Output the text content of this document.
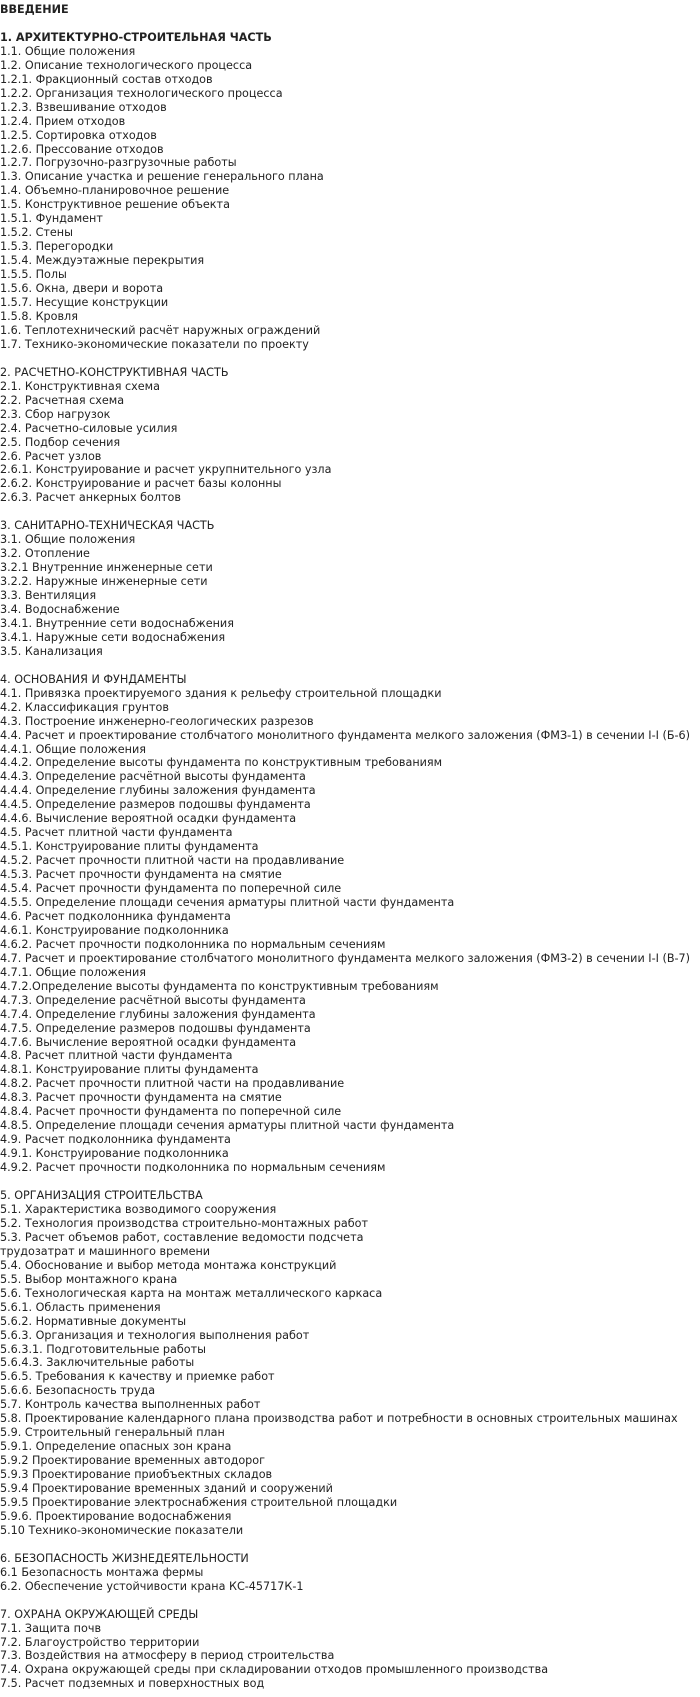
ВВЕДЕНИЕ
1. АРХИТЕКТУРНО-СТРОИТЕЛЬНАЯ ЧАСТЬ
1.1. Общие положения
1.2. Описание технологического процесса
1.2.1. Фракционный состав отходов
1.2.2. Организация технологического процесса
1.2.3. Взвешивание отходов
1.2.4. Прием отходов
1.2.5. Сортировка отходов
1.2.6. Прессование отходов
1.2.7. Погрузочно-разгрузочные работы
1.3. Описание участка и решение генерального плана
1.4. Объемно-планировочное решение
1.5. Конструктивное решение объекта
1.5.1. Фундамент
1.5.2. Стены
1.5.3. Перегородки
1.5.4. Междуэтажные перекрытия
1.5.5. Полы
1.5.6. Окна, двери и ворота
1.5.7. Несущие конструкции
1.5.8. Кровля
1.6. Теплотехнический расчёт наружных ограждений
1.7. Технико-экономические показатели по проекту
2. РАСЧЕТНО-КОНСТРУКТИВНАЯ ЧАСТЬ
2.1. Конструктивная схема
2.2. Расчетная схема
2.3. Сбор нагрузок
2.4. Расчетно-силовые усилия
2.5. Подбор сечения
2.6. Расчет узлов
2.6.1. Конструирование и расчет укрупнительного узла
2.6.2. Конструирование и расчет базы колонны
2.6.3. Расчет анкерных болтов
3. САНИТАРНО-ТЕХНИЧЕСКАЯ ЧАСТЬ
3.1. Общие положения
3.2. Отопление
3.2.1 Внутренние инженерные сети
3.2.2. Наружные инженерные сети
3.3. Вентиляция
3.4. Водоснабжение
3.4.1. Внутренние сети водоснабжения
3.4.1. Наружные сети водоснабжения
3.5. Канализация
4. ОСНОВАНИЯ И ФУНДАМЕНТЫ
4.1. Привязка проектируемого здания к рельефу строительной площадки
4.2. Классификация грунтов
4.3. Построение инженерно-геологических разрезов
4.4. Расчет и проектирование столбчатого монолитного фундамента мелкого заложения (ФМЗ-1) в сечении I-I (Б-6)
4.4.1. Общие положения
4.4.2. Определение высоты фундамента по конструктивным требованиям
4.4.3. Определение расчётной высоты фундамента
4.4.4. Определение глубины заложения фундамента
4.4.5. Определение размеров подошвы фундамента
4.4.6. Вычисление вероятной осадки фундамента
4.5. Расчет плитной части фундамента
4.5.1. Конструирование плиты фундамента
4.5.2. Расчет прочности плитной части на продавливание
4.5.3. Расчет прочности фундамента на смятие
4.5.4. Расчет прочности фундамента по поперечной силе
4.5.5. Определение площади сечения арматуры плитной части фундамента
4.6. Расчет подколонника фундамента
4.6.1. Конструирование подколонника
4.6.2. Расчет прочности подколонника по нормальным сечениям
4.7. Расчет и проектирование столбчатого монолитного фундамента мелкого заложения (ФМЗ-2) в сечении I-I (В-7)
4.7.1. Общие положения
4.7.2.Определение высоты фундамента по конструктивным требованиям
4.7.3. Определение расчётной высоты фундамента
4.7.4. Определение глубины заложения фундамента
4.7.5. Определение размеров подошвы фундамента
4.7.6. Вычисление вероятной осадки фундамента
4.8. Расчет плитной части фундамента
4.8.1. Конструирование плиты фундамента
4.8.2. Расчет прочности плитной части на продавливание
4.8.3. Расчет прочности фундамента на смятие
4.8.4. Расчет прочности фундамента по поперечной силе
4.8.5. Определение площади сечения арматуры плитной части фундамента
4.9. Расчет подколонника фундамента
4.9.1. Конструирование подколонника
4.9.2. Расчет прочности подколонника по нормальным сечениям
5. ОРГАНИЗАЦИЯ СТРОИТЕЛЬСТВА
5.1. Характеристика возводимого сооружения
5.2. Технология производства строительно-монтажных работ
5.3. Расчет объемов работ, составление ведомости подсчета
трудозатрат и машинного времени
5.4. Обоснование и выбор метода монтажа конструкций
5.5. Выбор монтажного крана
5.6. Технологическая карта на монтаж металлического каркаса
5.6.1. Область применения
5.6.2. Нормативные документы
5.6.3. Организация и технология выполнения работ
5.6.3.1. Подготовительные работы
5.6.4.3. Заключительные работы
5.6.5. Требования к качеству и приемке работ
5.6.6. Безопасность труда
5.7. Контроль качества выполненных работ
5.8. Проектирование календарного плана производства работ и потребности в основных строительных машинах
5.9. Строительный генеральный план
5.9.1. Определение опасных зон крана
5.9.2 Проектирование временных автодорог
5.9.3 Проектирование приобъектных складов
5.9.4 Проектирование временных зданий и сооружений
5.9.5 Проектирование электроснабжения строительной площадки
5.9.6. Проектирование водоснабжения
5.10 Технико-экономические показатели
6. БЕЗОПАСНОСТЬ ЖИЗНЕДЕЯТЕЛЬНОСТИ
6.1 Безопасность монтажа фермы
6.2. Обеспечение устойчивости крана КС-45717К-1
7. ОХРАНА ОКРУЖАЮЩЕЙ СРЕДЫ
7.1. Защита почв
7.2. Благоустройство территории
7.3. Воздействия на атмосферу в период строительства
7.4. Охрана окружающей среды при складировании отходов промышленного производства
7.5. Расчет подземных и поверхностных вод
